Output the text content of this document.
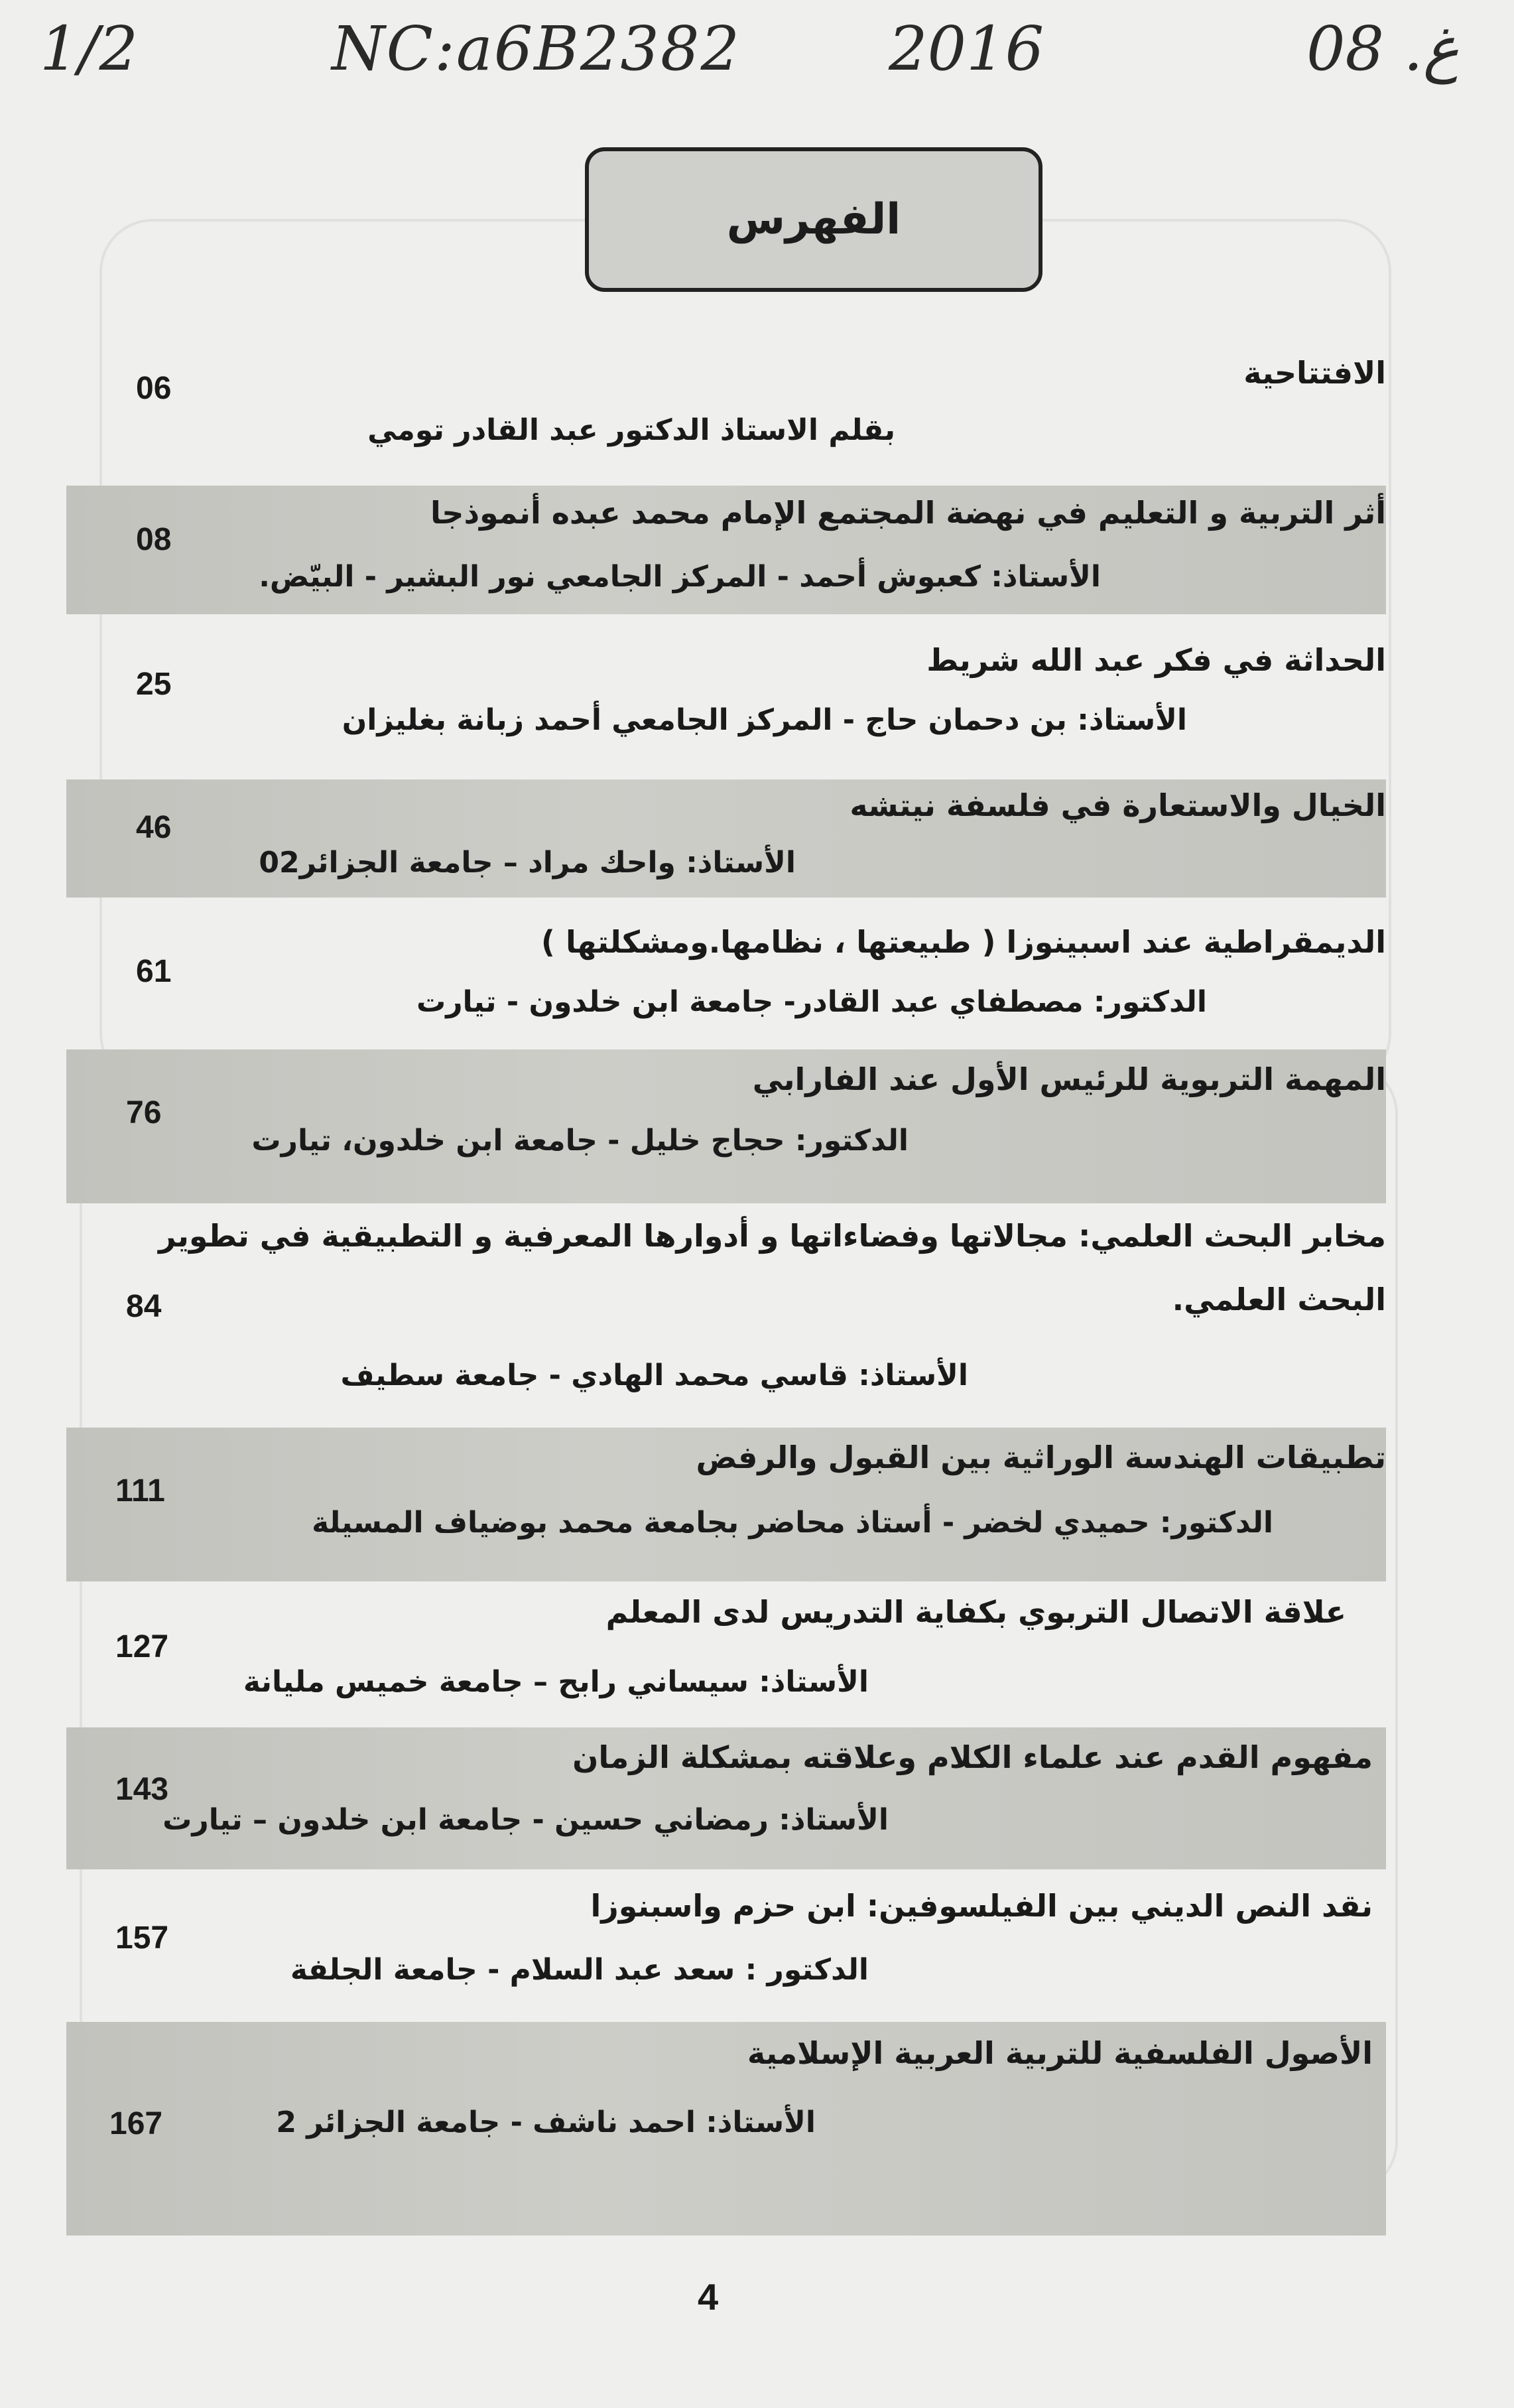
1/2	NC:a6B2382 2016	غ. 08
الفهرس
الافتتاحية
بقلم الاستاذ الدكتور عبد القادر تومي
06
أثر التربية و التعليم في نهضة المجتمع الإمام محمد عبده أنموذجا
الأستاذ: كعبوش أحمد - المركز الجامعي نور البشير - البيّض.
08
الحداثة في فكر عبد الله شريط
الأستاذ: بن دحمان حاج - المركز الجامعي أحمد زبانة بغليزان
25
الخيال والاستعارة في فلسفة نيتشه
الأستاذ: واحك مراد – جامعة الجزائر02
46
الديمقراطية عند اسبينوزا ( طبيعتها ، نظامها.ومشكلتها )
الدكتور: مصطفاي عبد القادر- جامعة ابن خلدون - تيارت
61
المهمة التربوية للرئيس الأول عند الفارابي
الدكتور: حجاج خليل - جامعة ابن خلدون، تيارت
76
مخابر البحث العلمي: مجالاتها وفضاءاتها و أدوارها المعرفية و التطبيقية في تطوير
البحث العلمي.
الأستاذ: قاسي محمد الهادي - جامعة سطيف
84
تطبيقات الهندسة الوراثية بين القبول والرفض
الدكتور: حميدي لخضر - أستاذ محاضر بجامعة محمد بوضياف المسيلة
111
علاقة الاتصال التربوي بكفاية التدريس لدى المعلم
الأستاذ: سيساني رابح – جامعة خميس مليانة
127
مفهوم القدم عند علماء الكلام وعلاقته بمشكلة الزمان
الأستاذ: رمضاني حسين - جامعة ابن خلدون – تيارت
143
نقد النص الديني بين الفيلسوفين: ابن حزم واسبنوزا
الدكتور : سعد عبد السلام - جامعة الجلفة
157
الأصول الفلسفية للتربية العربية الإسلامية
الأستاذ: احمد ناشف - جامعة الجزائر 2
167
4
